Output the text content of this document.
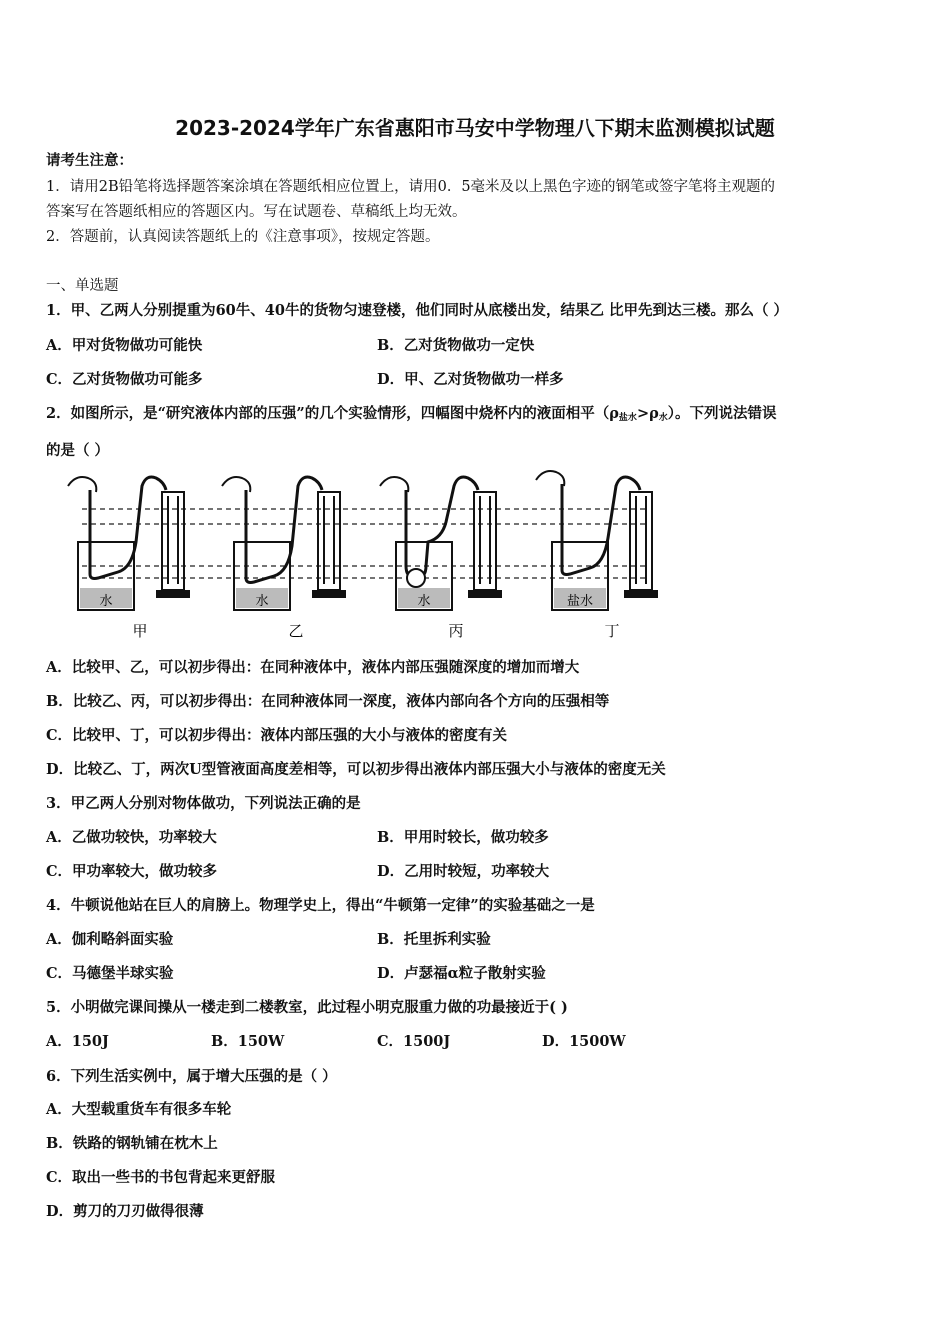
2023-2024学年广东省惠阳市马安中学物理八下期末监测模拟试题
请考生注意：
1．请用2B铅笔将选择题答案涂填在答题纸相应位置上，请用0．5毫米及以上黑色字迹的钢笔或签字笔将主观题的
答案写在答题纸相应的答题区内。写在试题卷、草稿纸上均无效。
2．答题前，认真阅读答题纸上的《注意事项》，按规定答题。
一、单选题
1．甲、乙两人分别提重为60牛、40牛的货物匀速登楼，他们同时从底楼出发，结果乙 比甲先到达三楼。那么（ ）
A．甲对货物做功可能快	B．乙对货物做功一定快
C．乙对货物做功可能多	D．甲、乙对货物做功一样多
2．如图所示，是“研究液体内部的压强”的几个实验情形，四幅图中烧杯内的液面相平$(\rho_{盐水}>\rho_水)$。下列说法错误
的是（ ）
水	水	水	盐水
甲	乙	丙	丁
A．比较甲、乙，可以初步得出：在同种液体中，液体内部压强随深度的增加而增大
B．比较乙、丙，可以初步得出：在同种液体同一深度，液体内部向各个方向的压强相等
C．比较甲、丁，可以初步得出：液体内部压强的大小与液体的密度有关
D．比较乙、丁，两次U型管液面高度差相等，可以初步得出液体内部压强大小与液体的密度无关
3．甲乙两人分别对物体做功，下列说法正确的是
A．乙做功较快，功率较大	B．甲用时较长，做功较多
C．甲功率较大，做功较多	D．乙用时较短，功率较大
4．牛顿说他站在巨人的肩膀上。物理学史上，得出“牛顿第一定律”的实验基础之一是
A．伽利略斜面实验	B．托里拆利实验
C．马德堡半球实验	D．卢瑟福α粒子散射实验
5．小明做完课间操从一楼走到二楼教室，此过程小明克服重力做的功最接近于( )
A．150J	B．150W	C．1500J	D．1500W
6．下列生活实例中，属于增大压强的是（ ）
A．大型载重货车有很多车轮
B．铁路的钢轨铺在枕木上
C．取出一些书的书包背起来更舒服
D．剪刀的刀刃做得很薄
